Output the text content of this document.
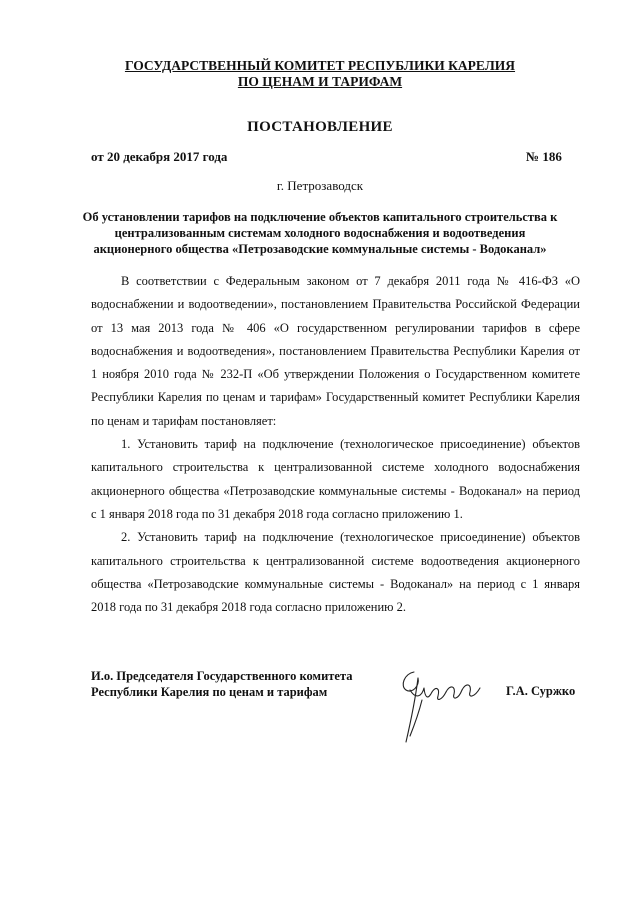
ГОСУДАРСТВЕННЫЙ КОМИТЕТ РЕСПУБЛИКИ КАРЕЛИЯ
ПО ЦЕНАМ И ТАРИФАМ
ПОСТАНОВЛЕНИЕ
от 20 декабря 2017 года	№ 186
г. Петрозаводск
Об установлении тарифов на подключение объектов капитального строительства к централизованным системам холодного водоснабжения и водоотведения акционерного общества «Петрозаводские коммунальные системы - Водоканал»

В соответствии с Федеральным законом от 7 декабря 2011 года № 416-ФЗ «О водоснабжении и водоотведении», постановлением Правительства Российской Федерации от 13 мая 2013 года № 406 «О государственном регулировании тарифов в сфере водоснабжения и водоотведения», постановлением Правительства Республики Карелия от 1 ноября 2010 года № 232-П «Об утверждении Положения о Государственном комитете Республики Карелия по ценам и тарифам» Государственный комитет Республики Карелия по ценам и тарифам постановляет:

1. Установить тариф на подключение (технологическое присоединение) объектов капитального строительства к централизованной системе холодного водоснабжения акционерного общества «Петрозаводские коммунальные системы - Водоканал» на период с 1 января 2018 года по 31 декабря 2018 года согласно приложению 1.

2. Установить тариф на подключение (технологическое присоединение) объектов капитального строительства к централизованной системе водоотведения акционерного общества «Петрозаводские коммунальные системы - Водоканал» на период с 1 января 2018 года по 31 декабря 2018 года согласно приложению 2.

И.о. Председателя Государственного комитета
Республики Карелия по ценам и тарифам	Г.А. Суржко
